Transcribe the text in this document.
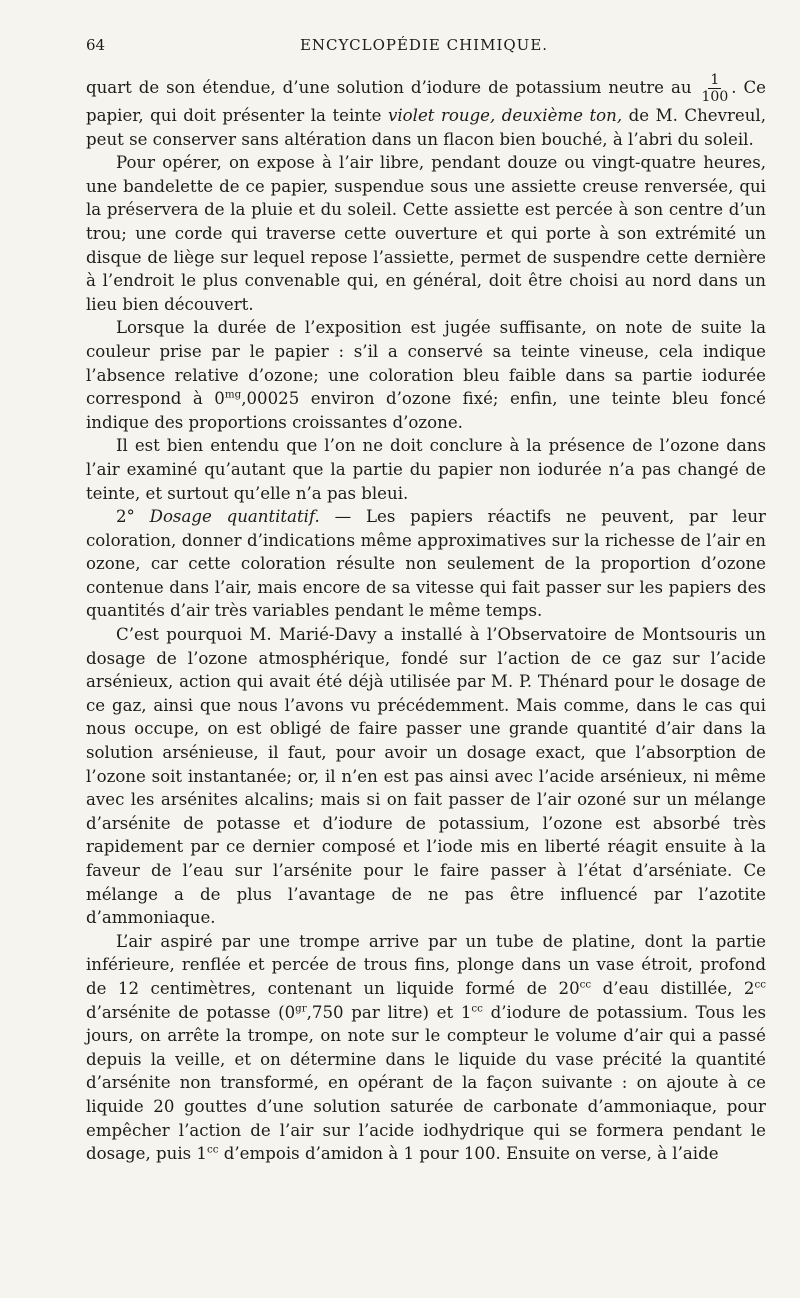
64	ENCYCLOPÉDIE CHIMIQUE.

quart de son étendue, d’une solution d’iodure de potassium neutre au $\frac{1}{100}$ . Ce papier, qui doit présenter la teinte violet rouge, deuxième ton, de M. Chevreul, peut se conserver sans altération dans un flacon bien bouché, à l’abri du soleil.

Pour opérer, on expose à l’air libre, pendant douze ou vingt-quatre heures, une bandelette de ce papier, suspendue sous une assiette creuse renversée, qui la préservera de la pluie et du soleil. Cette assiette est percée à son centre d’un trou; une corde qui traverse cette ouverture et qui porte à son extrémité un disque de liège sur lequel repose l’assiette, permet de suspendre cette dernière à l’endroit le plus convenable qui, en général, doit être choisi au nord dans un lieu bien découvert.

Lorsque la durée de l’exposition est jugée suffisante, on note de suite la couleur prise par le papier : s’il a conservé sa teinte vineuse, cela indique l’absence relative d’ozone; une coloration bleu faible dans sa partie iodurée correspond à $0^{mg},00025$ environ d’ozone fixé; enfin, une teinte bleu foncé indique des proportions croissantes d’ozone.

Il est bien entendu que l’on ne doit conclure à la présence de l’ozone dans l’air examiné qu’autant que la partie du papier non iodurée n’a pas changé de teinte, et surtout qu’elle n’a pas bleui.

2° Dosage quantitatif. — Les papiers réactifs ne peuvent, par leur coloration, donner d’indications même approximatives sur la richesse de l’air en ozone, car cette coloration résulte non seulement de la proportion d’ozone contenue dans l’air, mais encore de sa vitesse qui fait passer sur les papiers des quantités d’air très variables pendant le même temps.

C’est pourquoi M. Marié-Davy a installé à l’Observatoire de Montsouris un dosage de l’ozone atmosphérique, fondé sur l’action de ce gaz sur l’acide arsénieux, action qui avait été déjà utilisée par M. P. Thénard pour le dosage de ce gaz, ainsi que nous l’avons vu précédemment. Mais comme, dans le cas qui nous occupe, on est obligé de faire passer une grande quantité d’air dans la solution arsénieuse, il faut, pour avoir un dosage exact, que l’absorption de l’ozone soit instantanée; or, il n’en est pas ainsi avec l’acide arsénieux, ni même avec les arsénites alcalins; mais si on fait passer de l’air ozoné sur un mélange d’arsénite de potasse et d’iodure de potassium, l’ozone est absorbé très rapidement par ce dernier composé et l’iode mis en liberté réagit ensuite à la faveur de l’eau sur l’arsénite pour le faire passer à l’état d’arséniate. Ce mélange a de plus l’avantage de ne pas être influencé par l’azotite d’ammoniaque.

L’air aspiré par une trompe arrive par un tube de platine, dont la partie inférieure, renflée et percée de trous fins, plonge dans un vase étroit, profond de 12 centimètres, contenant un liquide formé de $20^{cc}$ d’eau distillée, $2^{cc}$ d’arsénite de potasse ($0^{gr},750$ par litre) et $1^{cc}$ d’iodure de potassium. Tous les jours, on arrête la trompe, on note sur le compteur le volume d’air qui a passé depuis la veille, et on détermine dans le liquide du vase précité la quantité d’arsénite non transformé, en opérant de la façon suivante : on ajoute à ce liquide 20 gouttes d’une solution saturée de carbonate d’ammoniaque, pour empêcher l’action de l’air sur l’acide iodhydrique qui se formera pendant le dosage, puis $1^{cc}$ d’empois d’amidon à 1 pour 100. Ensuite on verse, à l’aide
